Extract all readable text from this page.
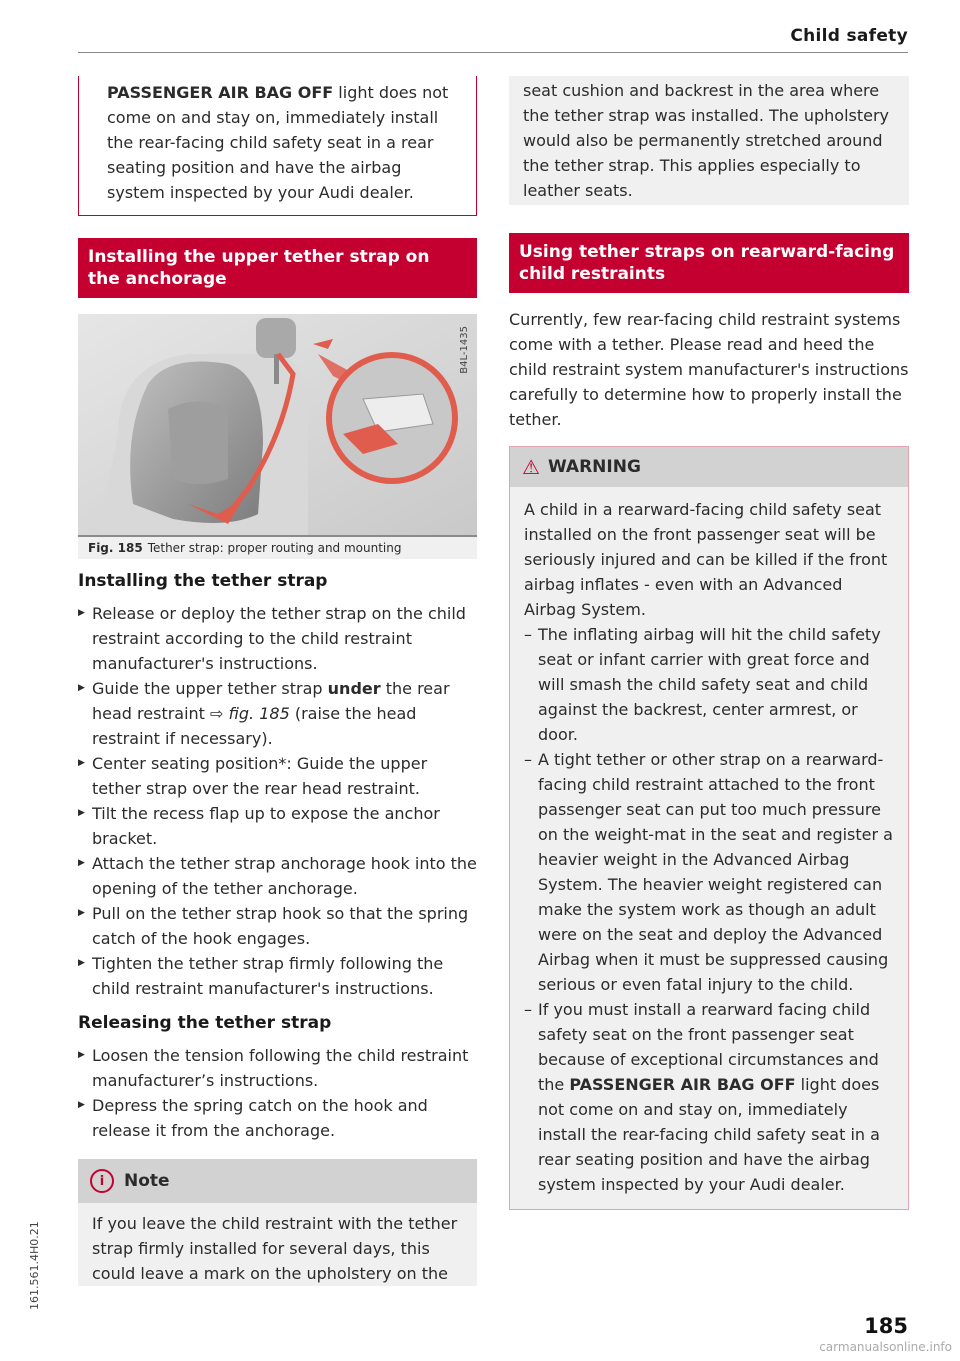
Child safety

PASSENGER AIR BAG OFF light does not come on and stay on, immediately install the rear-facing child safety seat in a rear seating position and have the airbag system inspected by your Audi dealer.

Installing the upper tether strap on the anchorage
B4L-1435
Fig. 185 Tether strap: proper routing and mounting
Installing the tether strap
▶ Release or deploy the tether strap on the child restraint according to the child restraint manufacturer's instructions.
▶ Guide the upper tether strap under the rear head restraint ⇨ fig. 185 (raise the head restraint if necessary).
▶ Center seating position*: Guide the upper tether strap over the rear head restraint.
▶ Tilt the recess flap up to expose the anchor bracket.
▶ Attach the tether strap anchorage hook into the opening of the tether anchorage.
▶ Pull on the tether strap hook so that the spring catch of the hook engages.
▶ Tighten the tether strap firmly following the child restraint manufacturer's instructions.
Releasing the tether strap
▶ Loosen the tension following the child restraint manufacturer’s instructions.
▶ Depress the spring catch on the hook and release it from the anchorage.
i	Note

If you leave the child restraint with the tether strap firmly installed for several days, this could leave a mark on the upholstery on the

seat cushion and backrest in the area where the tether strap was installed. The upholstery would also be permanently stretched around the tether strap. This applies especially to leather seats.

Using tether straps on rearward-facing child restraints

Currently, few rear-facing child restraint systems come with a tether. Please read and heed the child restraint system manufacturer's instructions carefully to determine how to properly install the tether.

⚠ WARNING

A child in a rearward-facing child safety seat installed on the front passenger seat will be seriously injured and can be killed if the front airbag inflates - even with an Advanced Airbag System.

– The inflating airbag will hit the child safety seat or infant carrier with great force and will smash the child safety seat and child against the backrest, center armrest, or door.
– A tight tether or other strap on a rearward-facing child restraint attached to the front passenger seat can put too much pressure on the weight-mat in the seat and register a heavier weight in the Advanced Airbag System. The heavier weight registered can make the system work as though an adult were on the seat and deploy the Advanced Airbag when it must be suppressed causing serious or even fatal injury to the child.
– If you must install a rearward facing child safety seat on the front passenger seat because of exceptional circumstances and the PASSENGER AIR BAG OFF light does not come on and stay on, immediately install the rear-facing child safety seat in a rear seating position and have the airbag system inspected by your Audi dealer.
161.561.4H0.21
185
carmanualsonline.info
